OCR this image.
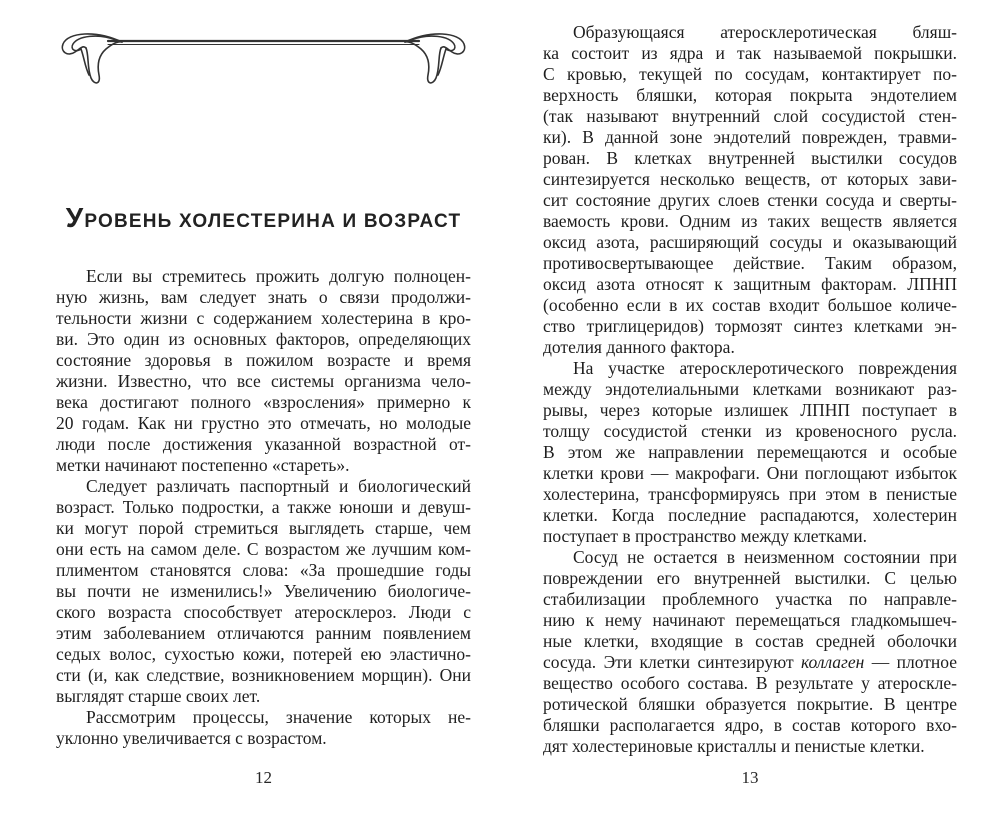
УРОВЕНЬ ХОЛЕСТЕРИНА И ВОЗРАСТ
Если вы стремитесь прожить долгую полноцен-
ную жизнь, вам следует знать о связи продолжи-
тельности жизни с содержанием холестерина в кро-
ви. Это один из основных факторов, определяющих
состояние здоровья в пожилом возрасте и время
жизни. Известно, что все системы организма чело-
века достигают полного «взросления» примерно к
20 годам. Как ни грустно это отмечать, но молодые
люди после достижения указанной возрастной от-
метки начинают постепенно «стареть».
Следует различать паспортный и биологический
возраст. Только подростки, а также юноши и девуш-
ки могут порой стремиться выглядеть старше, чем
они есть на самом деле. С возрастом же лучшим ком-
плиментом становятся слова: «За прошедшие годы
вы почти не изменились!» Увеличению биологиче-
ского возраста способствует атеросклероз. Люди с
этим заболеванием отличаются ранним появлением
седых волос, сухостью кожи, потерей ею эластично-
сти (и, как следствие, возникновением морщин). Они
выглядят старше своих лет.
Рассмотрим процессы, значение которых не-
уклонно увеличивается с возрастом.
12
Образующаяся атеросклеротическая бляш-
ка состоит из ядра и так называемой покрышки.
С кровью, текущей по сосудам, контактирует по-
верхность бляшки, которая покрыта эндотелием
(так называют внутренний слой сосудистой стен-
ки). В данной зоне эндотелий поврежден, травми-
рован. В клетках внутренней выстилки сосудов
синтезируется несколько веществ, от которых зави-
сит состояние других слоев стенки сосуда и сверты-
ваемость крови. Одним из таких веществ является
оксид азота, расширяющий сосуды и оказывающий
противосвертывающее действие. Таким образом,
оксид азота относят к защитным факторам. ЛПНП
(особенно если в их состав входит большое количе-
ство триглицеридов) тормозят синтез клетками эн-
дотелия данного фактора.
На участке атеросклеротического повреждения
между эндотелиальными клетками возникают раз-
рывы, через которые излишек ЛПНП поступает в
толщу сосудистой стенки из кровеносного русла.
В этом же направлении перемещаются и особые
клетки крови — макрофаги. Они поглощают избыток
холестерина, трансформируясь при этом в пенистые
клетки. Когда последние распадаются, холестерин
поступает в пространство между клетками.
Сосуд не остается в неизменном состоянии при
повреждении его внутренней выстилки. С целью
стабилизации проблемного участка по направле-
нию к нему начинают перемещаться гладкомышеч-
ные клетки, входящие в состав средней оболочки
сосуда. Эти клетки синтезируют коллаген — плотное
вещество особого состава. В результате у атероскле-
ротической бляшки образуется покрытие. В центре
бляшки располагается ядро, в состав которого вхо-
дят холестериновые кристаллы и пенистые клетки.
13
